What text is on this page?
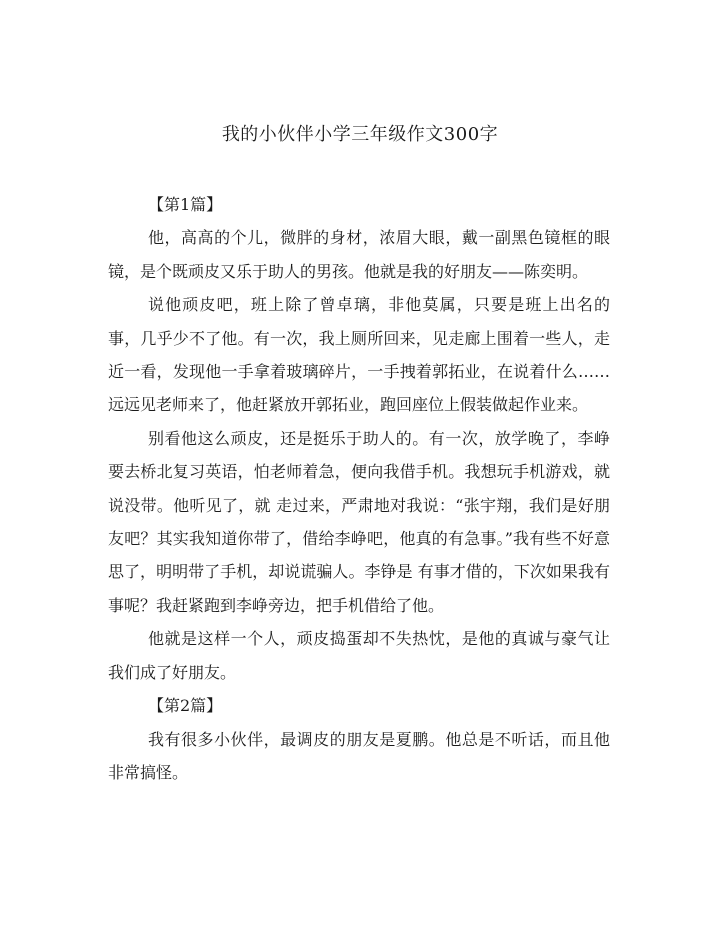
我的小伙伴小学三年级作文300字

【第1篇】

他，高高的个儿，微胖的身材，浓眉大眼，戴一副黑色镜框的眼镜，是个既顽皮又乐于助人的男孩。他就是我的好朋友——陈奕明。

说他顽皮吧，班上除了曾卓璃，非他莫属，只要是班上出名的事，几乎少不了他。有一次，我上厕所回来，见走廊上围着一些人，走近一看，发现他一手拿着玻璃碎片，一手拽着郭拓业，在说着什么……远远见老师来了，他赶紧放开郭拓业，跑回座位上假装做起作业来。

别看他这么顽皮，还是挺乐于助人的。有一次，放学晚了，李峥要去桥北复习英语，怕老师着急，便向我借手机。我想玩手机游戏，就说没带。他听见了，就 走过来，严肃地对我说：“张宇翔，我们是好朋友吧？其实我知道你带了，借给李峥吧，他真的有急事。”我有些不好意思了，明明带了手机，却说谎骗人。李铮是 有事才借的，下次如果我有事呢？我赶紧跑到李峥旁边，把手机借给了他。

他就是这样一个人，顽皮捣蛋却不失热忱，是他的真诚与豪气让我们成了好朋友。

【第2篇】

我有很多小伙伴，最调皮的朋友是夏鹏。他总是不听话，而且他非常搞怪。
